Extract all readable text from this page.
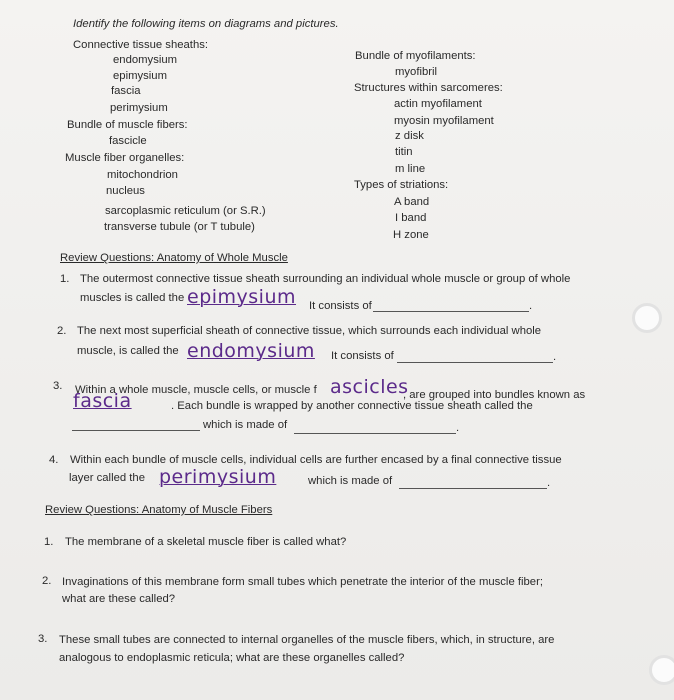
Identify the following items on diagrams and pictures.
Connective tissue sheaths:
endomysium
epimysium
fascia
perimysium
Bundle of muscle fibers:
fascicle
Muscle fiber organelles:
mitochondrion
nucleus
sarcoplasmic reticulum (or S.R.)
transverse tubule (or T tubule)
Bundle of myofilaments:
myofibril
Structures within sarcomeres:
actin myofilament
myosin myofilament
z disk
titin
m line
Types of striations:
A band
I band
H zone
Review Questions: Anatomy of Whole Muscle
1. The outermost connective tissue sheath surrounding an individual whole muscle or group of whole
muscles is called the epimysium It consists of	.
2. The next most superficial sheath of connective tissue, which surrounds each individual whole
muscle, is called the endomysium It consists of	.
3. Within a whole muscle, muscle cells, or muscle f ascicles
, are grouped into bundles known as
fascia	. Each bundle is wrapped by another connective tissue sheath called the
which is made of	.
4. Within each bundle of muscle cells, individual cells are further encased by a final connective tissue
layer called the perimysium	which is made of	.
Review Questions: Anatomy of Muscle Fibers
1. The membrane of a skeletal muscle fiber is called what?
2. Invaginations of this membrane form small tubes which penetrate the interior of the muscle fiber;
what are these called?
3. These small tubes are connected to internal organelles of the muscle fibers, which, in structure, are
analogous to endoplasmic reticula; what are these organelles called?
